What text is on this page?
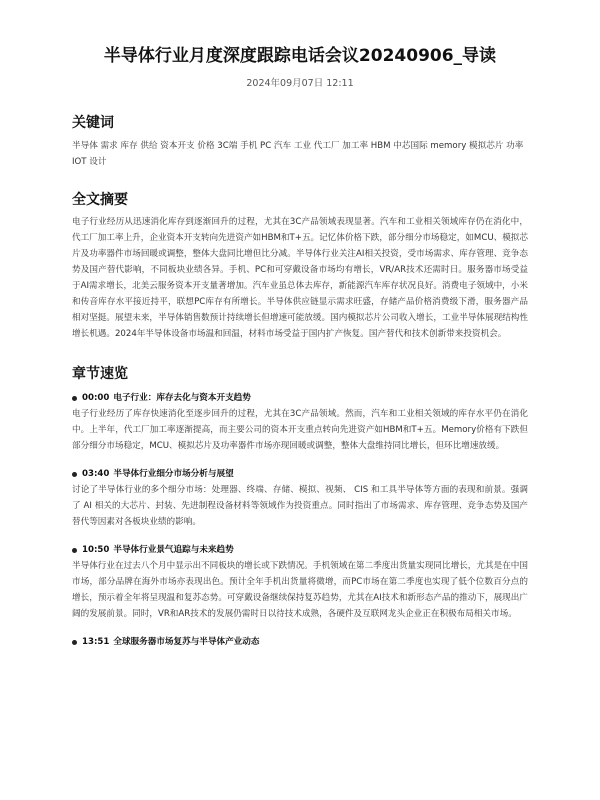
半导体行业月度深度跟踪电话会议20240906_导读
2024年09月07日 12:11
关键词
半导体 需求 库存 供给 资本开支 价格 3C端 手机 PC 汽车 工业 代工厂 加工率 HBM 中芯国际 memory 模拟芯片 功率 IOT 设计
全文摘要
电子行业经历从迅速消化库存到逐渐回升的过程，尤其在3C产品领域表现显著。汽车和工业相关领域库存仍在消化中，代工厂加工率上升，企业资本开支转向先进资产如HBM和T+五。记忆体价格下跌，部分细分市场稳定，如MCU、模拟芯片及功率器件市场回暖或调整，整体大盘同比增但比分减。半导体行业关注AI相关投资，受市场需求、库存管理、竞争态势及国产替代影响，不同板块业绩各异。手机、PC和可穿戴设备市场均有增长，VR/AR技术还需时日。服务器市场受益于AI需求增长，北美云服务资本开支量著增加。汽车业虽总体去库存，新能源汽车库存状况良好。消费电子领域中，小米和传音库存水平接近持平，联想PC库存有所增长。半导体供应链显示需求旺盛，存储产品价格消费级下滑，服务器产品相对坚挺。展望未来，半导体销售数预计持续增长但增速可能放缓。国内模拟芯片公司收入增长，工业半导体展现结构性增长机遇。2024年半导体设备市场温和回温，材料市场受益于国内扩产恢复。国产替代和技术创新带来投资机会。
章节速览
00:00 电子行业：库存去化与资本开支趋势
电子行业经历了库存快速消化至逐步回升的过程，尤其在3C产品领域。然而，汽车和工业相关领域的库存水平仍在消化中。上半年，代工厂加工率逐渐提高，而主要公司的资本开支重点转向先进资产如HBM和T+五。Memory价格有下跌但部分细分市场稳定，MCU、模拟芯片及功率器件市场亦现回暖或调整，整体大盘维持同比增长，但环比增速放缓。
03:40 半导体行业细分市场分析与展望
讨论了半导体行业的多个细分市场：处理器、终端、存储、模拟、视频、 CIS 和工具半导体等方面的表现和前景。强调了 AI 相关的大芯片、封装、先进制程设备材料等领域作为投资重点。同时指出了市场需求、库存管理、竞争态势及国产替代等因素对各板块业绩的影响。
10:50 半导体行业景气追踪与未来趋势
半导体行业在过去八个月中显示出不同板块的增长或下跌情况。手机领域在第二季度出货量实现同比增长，尤其是在中国市场，部分品牌在海外市场亦表现出色。预计全年手机出货量将微增，而PC市场在第二季度也实现了低个位数百分点的增长，预示着全年将呈现温和复苏态势。可穿戴设备继续保持复苏趋势，尤其在AI技术和新形态产品的推动下，展现出广阔的发展前景。同时，VR和AR技术的发展仍需时日以待技术成熟，各硬件及互联网龙头企业正在积极布局相关市场。
13:51 全球服务器市场复苏与半导体产业动态
